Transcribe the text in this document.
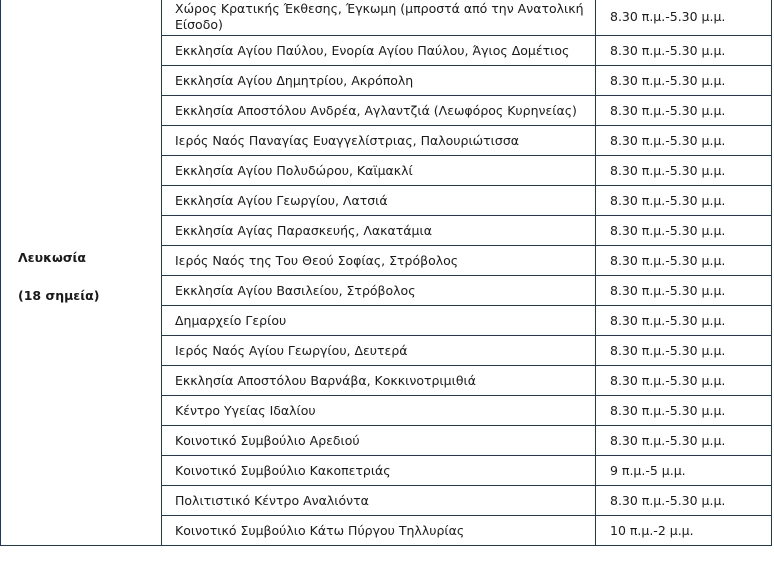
Λευκωσία
(18 σημεία)	Χώρος Κρατικής Έκθεσης, Έγκωμη (μπροστά από την Ανατολική Είσοδο)	8.30 π.μ.-5.30 μ.μ.
	Εκκλησία Αγίου Παύλου, Ενορία Αγίου Παύλου, Άγιος Δομέτιος	8.30 π.μ.-5.30 μ.μ.
	Εκκλησία Αγίου Δημητρίου, Ακρόπολη	8.30 π.μ.-5.30 μ.μ.
	Εκκλησία Αποστόλου Ανδρέα, Αγλαντζιά (Λεωφόρος Κυρηνείας)	8.30 π.μ.-5.30 μ.μ.
	Ιερός Ναός Παναγίας Ευαγγελίστριας, Παλουριώτισσα	8.30 π.μ.-5.30 μ.μ.
	Εκκλησία Αγίου Πολυδώρου, Καϊμακλί	8.30 π.μ.-5.30 μ.μ.
	Εκκλησία Αγίου Γεωργίου, Λατσιά	8.30 π.μ.-5.30 μ.μ.
	Εκκλησία Αγίας Παρασκευής, Λακατάμια	8.30 π.μ.-5.30 μ.μ.
	Ιερός Ναός της Του Θεού Σοφίας, Στρόβολος	8.30 π.μ.-5.30 μ.μ.
	Εκκλησία Αγίου Βασιλείου, Στρόβολος	8.30 π.μ.-5.30 μ.μ.
	Δημαρχείο Γερίου	8.30 π.μ.-5.30 μ.μ.
	Ιερός Ναός Αγίου Γεωργίου, Δευτερά	8.30 π.μ.-5.30 μ.μ.
	Εκκλησία Αποστόλου Βαρνάβα, Κοκκινοτριμιθιά	8.30 π.μ.-5.30 μ.μ.
	Κέντρο Υγείας Ιδαλίου	8.30 π.μ.-5.30 μ.μ.
	Κοινοτικό Συμβούλιο Αρεδιού	8.30 π.μ.-5.30 μ.μ.
	Κοινοτικό Συμβούλιο Κακοπετριάς	9 π.μ.-5 μ.μ.
	Πολιτιστικό Κέντρο Αναλιόντα	8.30 π.μ.-5.30 μ.μ.
	Κοινοτικό Συμβούλιο Κάτω Πύργου Τηλλυρίας	10 π.μ.-2 μ.μ.
